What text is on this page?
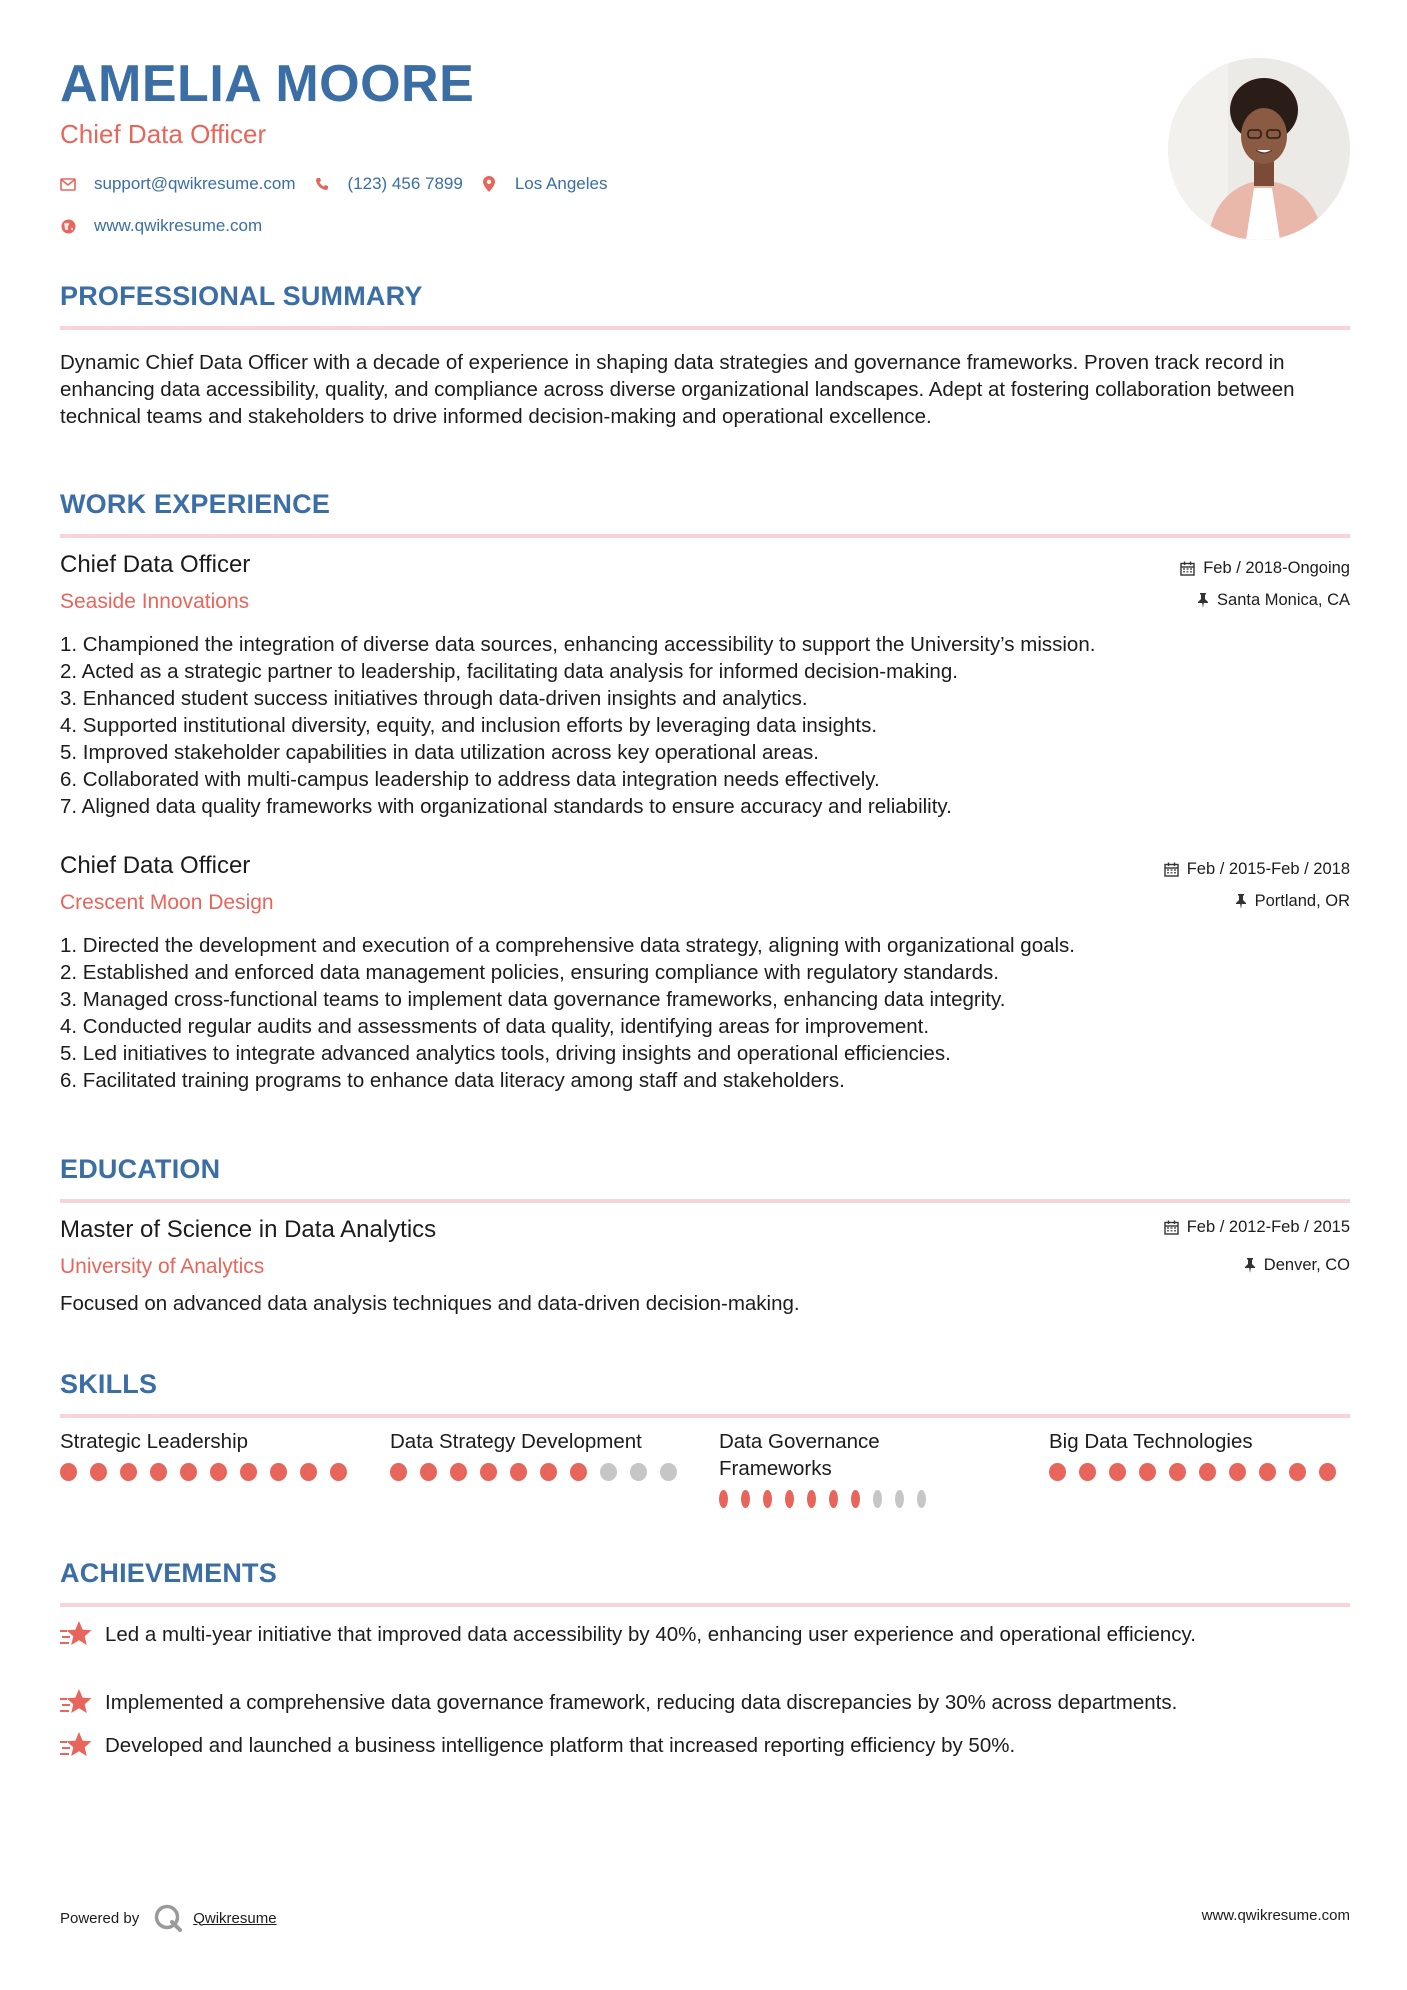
AMELIA MOORE
Chief Data Officer
support@qwikresume.com	(123) 456 7899	Los Angeles
www.qwikresume.com
PROFESSIONAL SUMMARY
Dynamic Chief Data Officer with a decade of experience in shaping data strategies and governance frameworks. Proven track record in enhancing data accessibility, quality, and compliance across diverse organizational landscapes. Adept at fostering collaboration between technical teams and stakeholders to drive informed decision-making and operational excellence.
WORK EXPERIENCE
Chief Data Officer
Seaside Innovations
Feb / 2018-Ongoing
Santa Monica, CA
1. Championed the integration of diverse data sources, enhancing accessibility to support the University’s mission.
2. Acted as a strategic partner to leadership, facilitating data analysis for informed decision-making.
3. Enhanced student success initiatives through data-driven insights and analytics.
4. Supported institutional diversity, equity, and inclusion efforts by leveraging data insights.
5. Improved stakeholder capabilities in data utilization across key operational areas.
6. Collaborated with multi-campus leadership to address data integration needs effectively.
7. Aligned data quality frameworks with organizational standards to ensure accuracy and reliability.
Chief Data Officer
Crescent Moon Design
Feb / 2015-Feb / 2018
Portland, OR
1. Directed the development and execution of a comprehensive data strategy, aligning with organizational goals.
2. Established and enforced data management policies, ensuring compliance with regulatory standards.
3. Managed cross-functional teams to implement data governance frameworks, enhancing data integrity.
4. Conducted regular audits and assessments of data quality, identifying areas for improvement.
5. Led initiatives to integrate advanced analytics tools, driving insights and operational efficiencies.
6. Facilitated training programs to enhance data literacy among staff and stakeholders.
EDUCATION
Master of Science in Data Analytics
University of Analytics
Feb / 2012-Feb / 2015
Denver, CO
Focused on advanced data analysis techniques and data-driven decision-making.
SKILLS
Strategic Leadership	Data Strategy Development	Data Governance Frameworks
Big Data Technologies
ACHIEVEMENTS
Led a multi-year initiative that improved data accessibility by 40%, enhancing user experience and operational efficiency.
Implemented a comprehensive data governance framework, reducing data discrepancies by 30% across departments.
Developed and launched a business intelligence platform that increased reporting efficiency by 50%.
Powered by	Qwikresume	www.qwikresume.com
